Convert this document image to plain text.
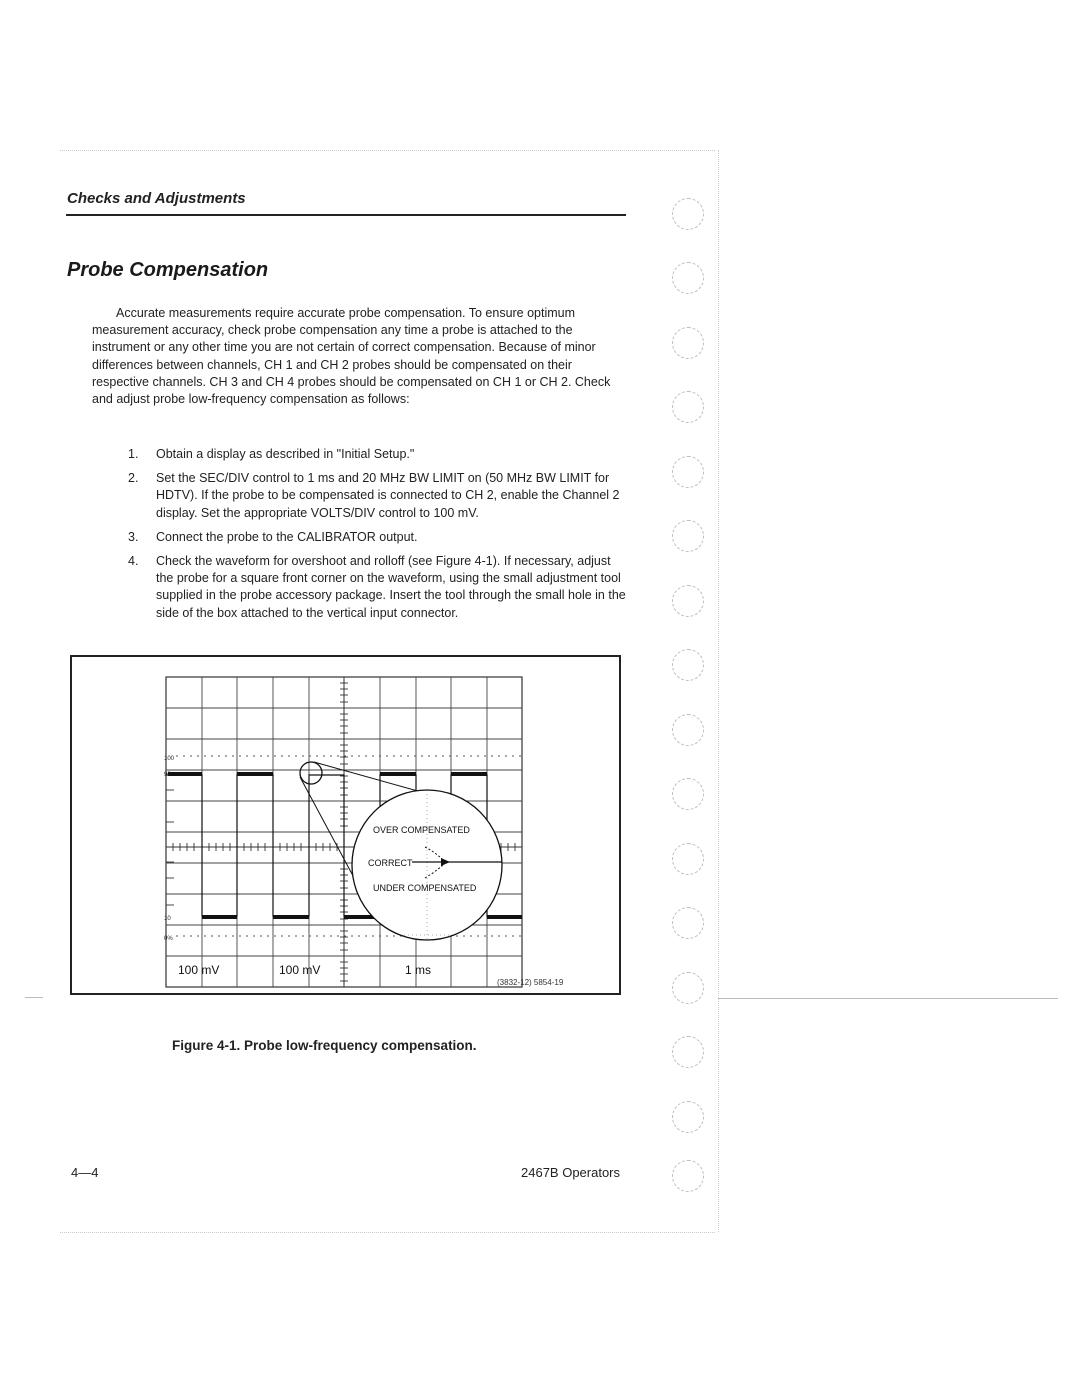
Checks and Adjustments
Probe Compensation

Accurate measurements require accurate probe compensation. To ensure optimum measurement accuracy, check probe compensation any time a probe is attached to the instrument or any other time you are not certain of correct compensation. Because of minor differences between channels, CH 1 and CH 2 probes should be compensated on their respective channels. CH 3 and CH 4 probes should be compensated on CH 1 or CH 2. Check and adjust probe low-frequency compensation as follows:

1. Obtain a display as described in "Initial Setup."
2. Set the SEC/DIV control to 1 ms and 20 MHz BW LIMIT on (50 MHz BW LIMIT for HDTV). If the probe to be compensated is connected to CH 2, enable the Channel 2 display. Set the appropriate VOLTS/DIV control to 100 mV.
3. Connect the probe to the CALIBRATOR output.
4. Check the waveform for overshoot and rolloff (see Figure 4-1). If necessary, adjust the probe for a square front corner on the waveform, using the small adjustment tool supplied in the probe accessory package. Insert the tool through the small hole in the side of the box attached to the vertical input connector.
100
90
10
0%
OVER COMPENSATED
CORRECT
UNDER COMPENSATED
100 mV	100 mV	1 ms
(3832-12) 5854-19
Figure 4-1. Probe low-frequency compensation.
4—4	2467B Operators
